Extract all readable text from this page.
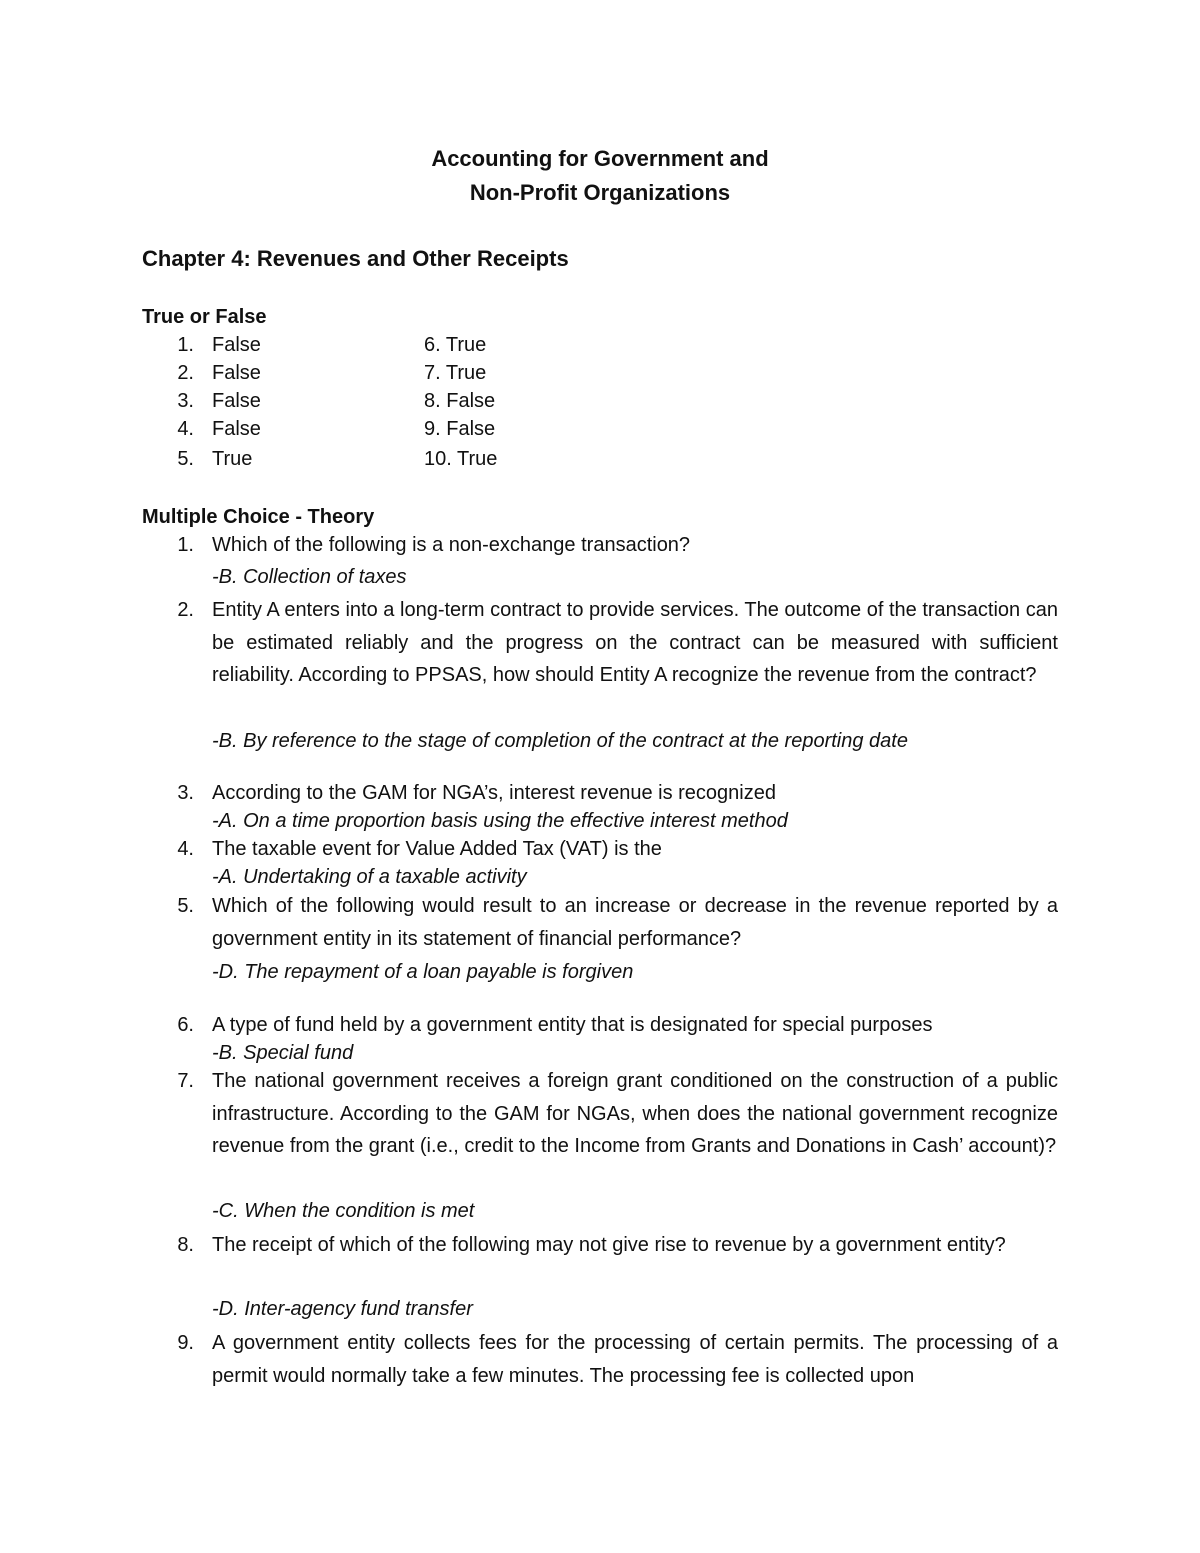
Accounting for Government and
Non-Profit Organizations
Chapter 4: Revenues and Other Receipts
True or False
1. False	6. True
2. False	7. True
3. False	8. False
4. False	9. False
5. True	10. True
Multiple Choice - Theory
1. Which of the following is a non-exchange transaction?

-B. Collection of taxes
2. Entity A enters into a long-term contract to provide services. The outcome of the transaction can be estimated reliably and the progress on the contract can be measured with sufficient reliability. According to PPSAS, how should Entity A recognize the revenue from the contract?

-B. By reference to the stage of completion of the contract at the reporting date
3. According to the GAM for NGA’s, interest revenue is recognized

-A. On a time proportion basis using the effective interest method
4. The taxable event for Value Added Tax (VAT) is the

-A. Undertaking of a taxable activity
5. Which of the following would result to an increase or decrease in the revenue reported by a government entity in its statement of financial performance?

-D. The repayment of a loan payable is forgiven
6. A type of fund held by a government entity that is designated for special purposes

-B. Special fund
7. The national government receives a foreign grant conditioned on the construction of a public infrastructure. According to the GAM for NGAs, when does the national government recognize revenue from the grant (i.e., credit to the Income from Grants and Donations in Cash’ account)?

-C. When the condition is met
8. The receipt of which of the following may not give rise to revenue by a government entity?

-D. Inter-agency fund transfer
9. A government entity collects fees for the processing of certain permits. The processing of a permit would normally take a few minutes. The processing fee is collected upon
